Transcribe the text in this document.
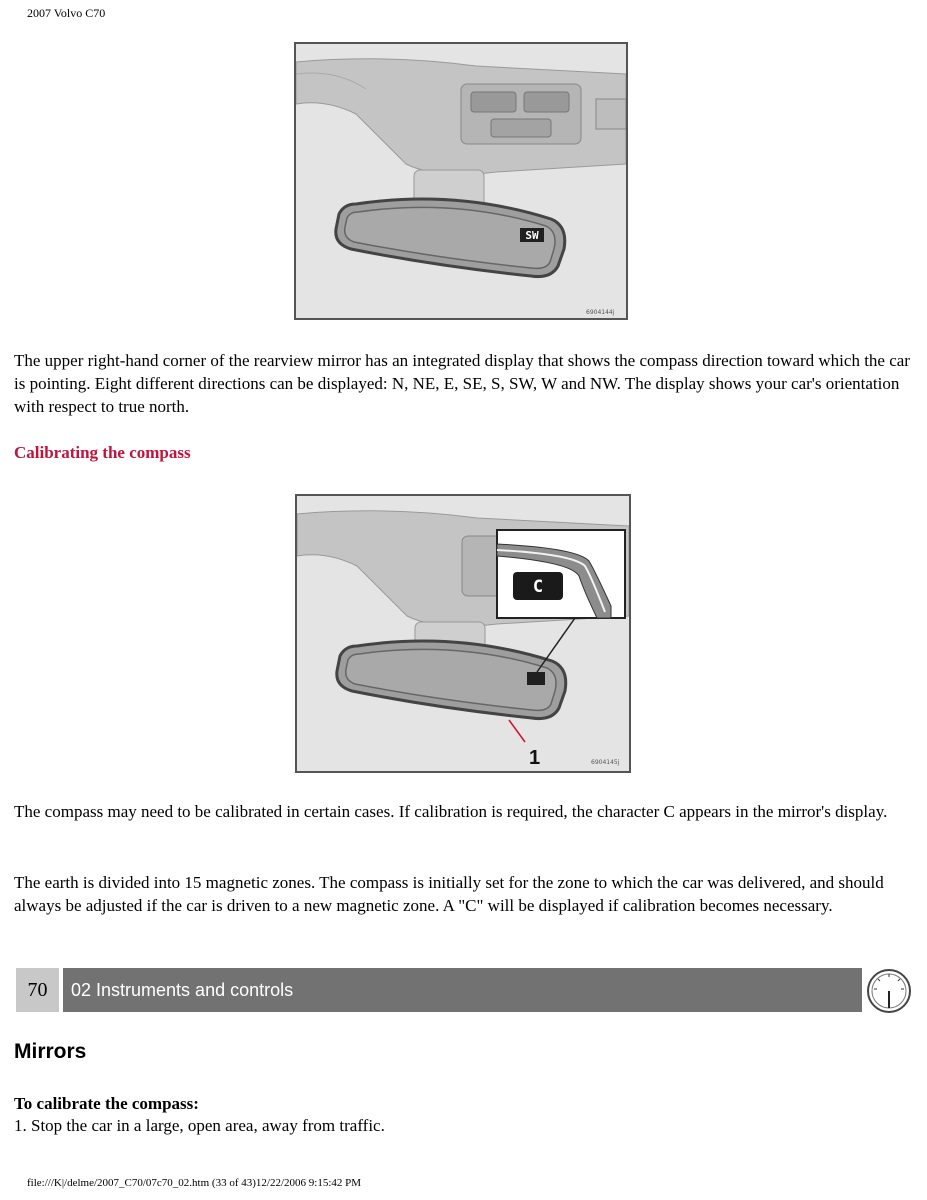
2007 Volvo C70
SW
6904144j

The upper right-hand corner of the rearview mirror has an integrated display that shows the compass direction toward which the car is pointing. Eight different directions can be displayed: N, NE, E, SE, S, SW, W and NW. The display shows your car's orientation with respect to true north.

Calibrating the compass
C
1	6904145j

The compass may need to be calibrated in certain cases. If calibration is required, the character C appears in the mirror's display.

The earth is divided into 15 magnetic zones. The compass is initially set for the zone to which the car was delivered, and should always be adjusted if the car is driven to a new magnetic zone. A "C" will be displayed if calibration becomes necessary.

70	02 Instruments and controls
Mirrors
To calibrate the compass:
1. Stop the car in a large, open area, away from traffic.
file:///K|/delme/2007_C70/07c70_02.htm (33 of 43)12/22/2006 9:15:42 PM
